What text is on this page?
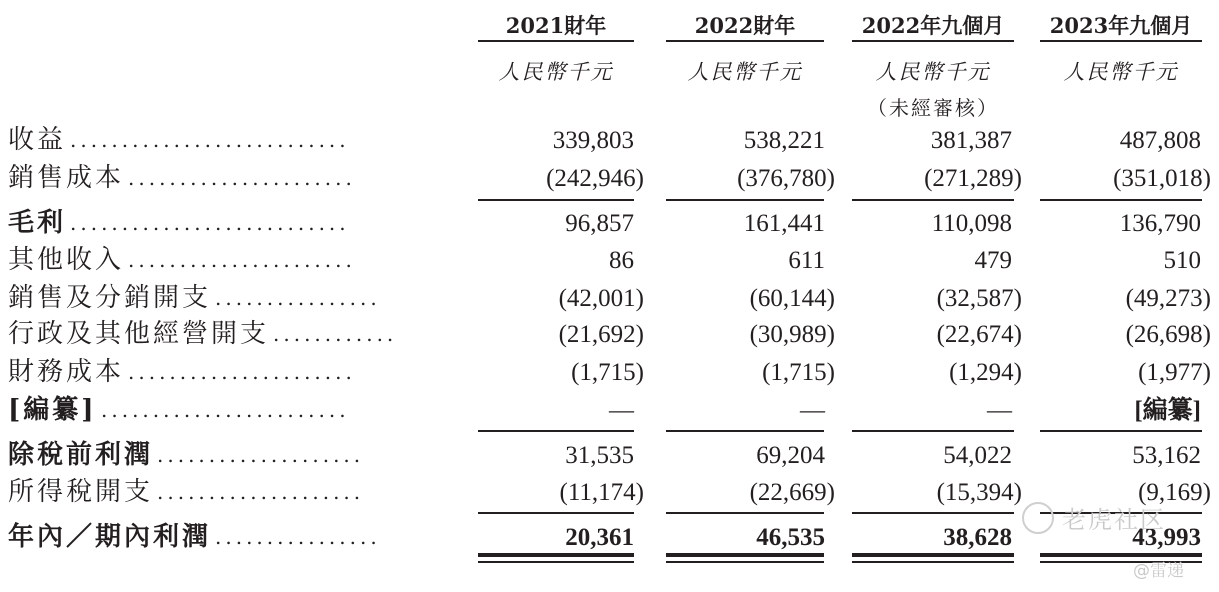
2021財年	2022財年	2022年九個月	2023年九個月
人民幣千元	人民幣千元	人民幣千元	人民幣千元
（未經審核）
收益 ...........................	339,803	538,221	381,387	487,808
銷售成本 ......................	(242,946)	(376,780)	(271,289)	(351,018)
毛利 ...........................	96,857	161,441	110,098	136,790
其他收入 ......................	86	611	479	510
銷售及分銷開支 ................	(42,001)	(60,144)	(32,587)	(49,273)
行政及其他經營開支 ............	(21,692)	(30,989)	(22,674)	(26,698)
財務成本 ......................	(1,715)	(1,715)	(1,294)	(1,977)
[編纂] ........................	—	—	—	[編纂]
除稅前利潤 ....................	31,535	69,204	54,022	53,162
所得稅開支 ....................	(11,174)	(22,669)	(15,394)	(9,169)
年內／期內利潤 ................	20,361	46,535	38,628	43,993
老虎社区
@雷递
